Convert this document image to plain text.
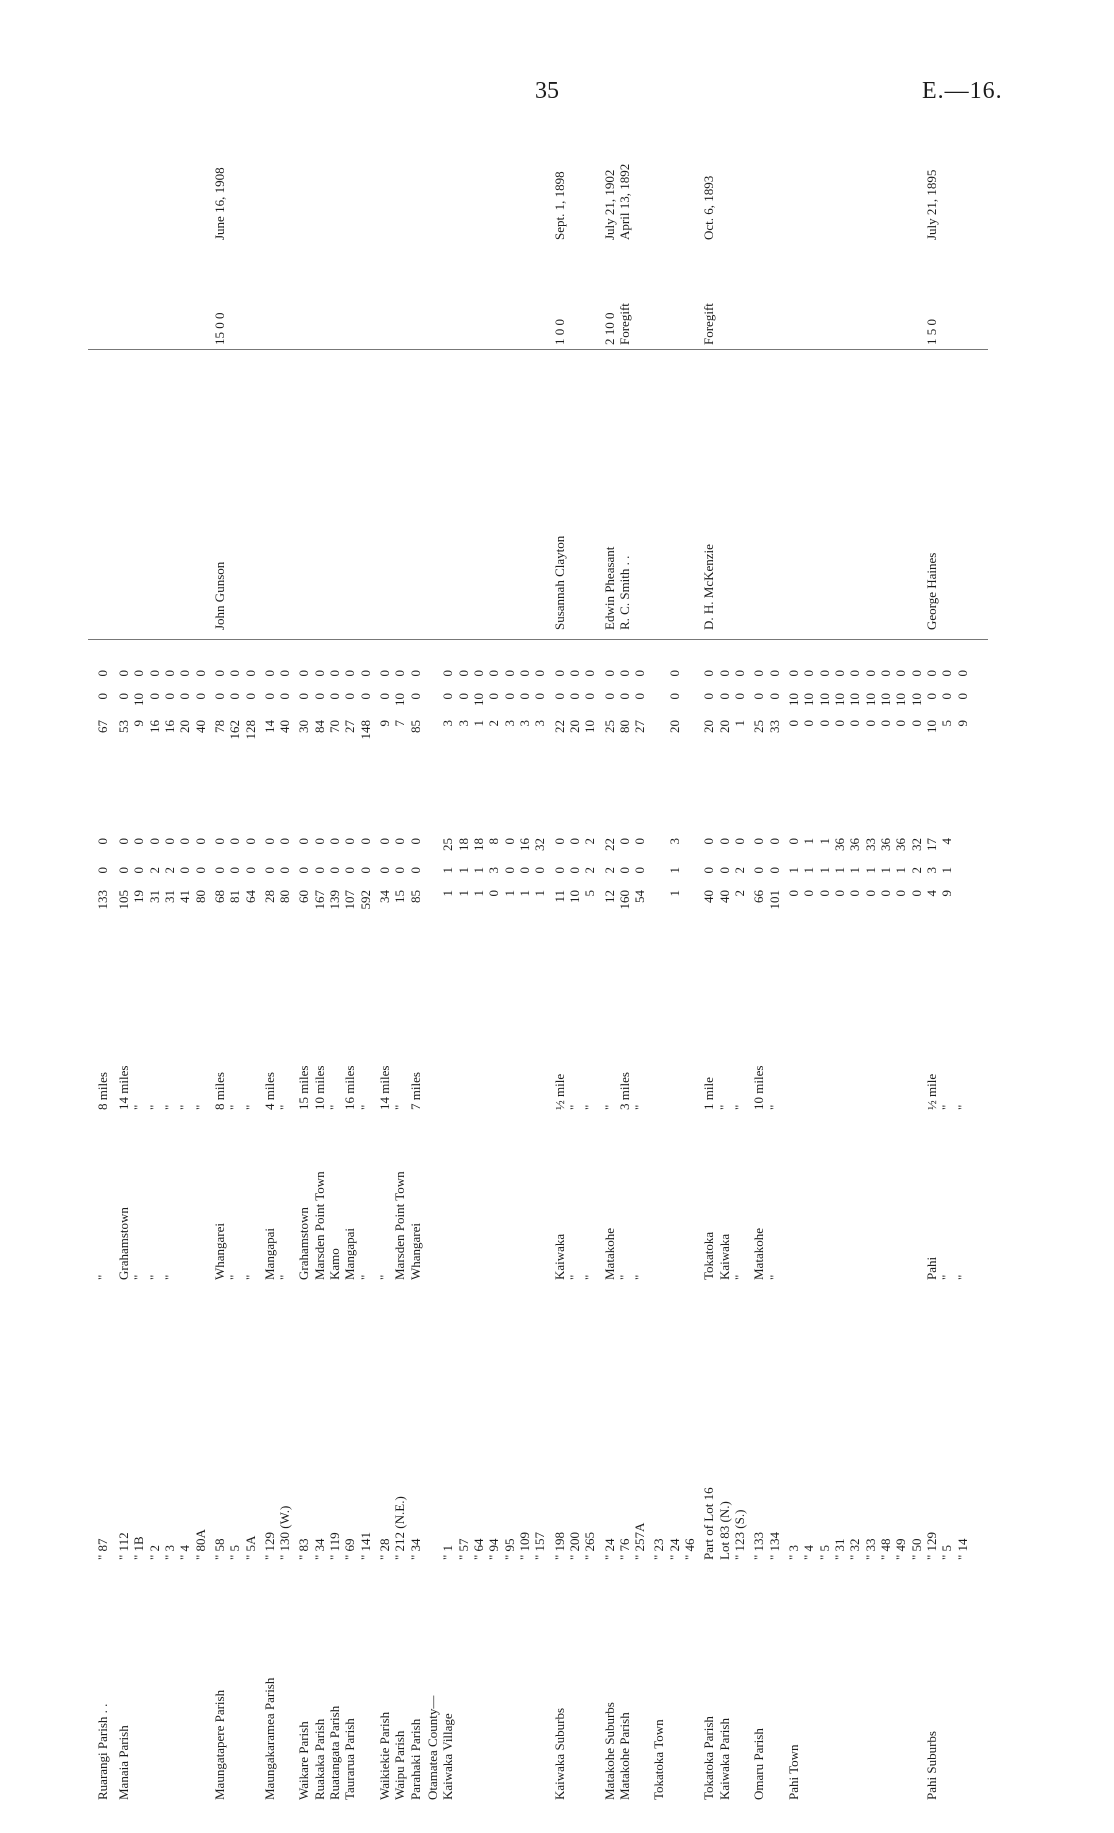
35	E.—16.
Ruarangi Parish . .
" 87
"
8 miles
133
0
0
67
0
0
Manaia Parish
" 112
Grahamstown
14 miles
105
0
0
53
0
0
" 1B
"
"
19
0
0
9
10
0
" 2
"
"
31
2
0
16
0
0
" 3
"
"
31
2
0
16
0
0
" 4
"
41
0
0
20
0
0
" 80A
"
80
0
0
40
0
0
Maungatapere Parish
" 58
Whangarei
8 miles
68
0
0
78
0
0
John Gunson
15 0 0
June 16, 1908
" 5
"
"
81
0
0
162
0
0
" 5A
"
"
64
0
0
128
0
0
Maungakaramea Parish
" 129
Mangapai
4 miles
28
0
0
14
0
0
" 130 (W.)
"
"
80
0
0
40
0
0
Waikare Parish
" 83
Grahamstown
15 miles
60
0
0
30
0
0
Ruakaka Parish
" 34
Marsden Point Town
10 miles
167
0
0
84
0
0
Ruatangata Parish
" 119
Kamo
"
139
0
0
70
0
0
Taurarua Parish
" 69
Mangapai
16 miles
107
0
0
27
0
0
" 141
"
"
592
0
0
148
0
0
Waikiekie Parish
" 28
"
14 miles
34
0
0
9
0
0
Waipu Parish
" 212 (N.E.)
Marsden Point Town
"
15
0
0
7
10
0
Parahaki Parish
" 34
Whangarei
7 miles
85
0
0
85
0
0
Otamatea County— Kaiwaka Village
" 1
1
1
25
3
0
0
" 57
1
1
18
3
0
0
" 64
1
1
18
1
10
0
" 94
0
3
8
2
0
0
" 95
1
0
0
3
0
0
" 109
1
0
16
3
0
0
" 157
1
0
32
3
0
0
Kaiwaka Suburbs
" 198
Kaiwaka
½ mile
11
0
0
22
0
0
Susannah Clayton
1 0 0
Sept. 1, 1898
" 200
"
"
10
0
0
20
0
0
" 265
"
"
5
2
2
10
0
0
Matakohe Suburbs
" 24
Matakohe
"
12
2
22
25
0
0
Edwin Pheasant
2 10 0
July 21, 1902
Matakohe Parish
" 76
"
3 miles
160
0
0
80
0
0
R. C. Smith . .
Foregift
April 13, 1892
" 257A
"
"
54
0
0
27
0
0
Tokatoka Town
" 23 " 24
1
1
3
20
0
0
" 46
Tokatoka Parish
Part of Lot 16
Tokatoka
1 mile
40
0
0
20
0
0
D. H. McKenzie
Foregift
Oct. 6, 1893
Kaiwaka Parish
Lot 83 (N.)
Kaiwaka
"
40
0
0
20
0
0
" 123 (S.)
"
"
2
2
0
1
0
0
Omaru Parish
" 133
Matakohe
10 miles
66
0
0
25
0
0
" 134
"
"
101
0
0
33
0
0
Pahi Town
" 3
0
1
0
0
10
0
" 4
0
1
1
0
10
0
" 5
0
1
1
0
10
0
" 31
0
1
36
0
10
0
" 32
0
1
36
0
10
0
" 33
0
1
33
0
10
0
" 48
0
1
36
0
10
0
" 49
0
1
36
0
10
0
" 50
0
2
32
0
10
0
Pahi Suburbs
" 129
Pahi
½ mile
4
3
17
10
0
0
George Haines
1 5 0
July 21, 1895
" 5
"
"
9
1
4
5
0
0
" 14
"
"
9
0
0
